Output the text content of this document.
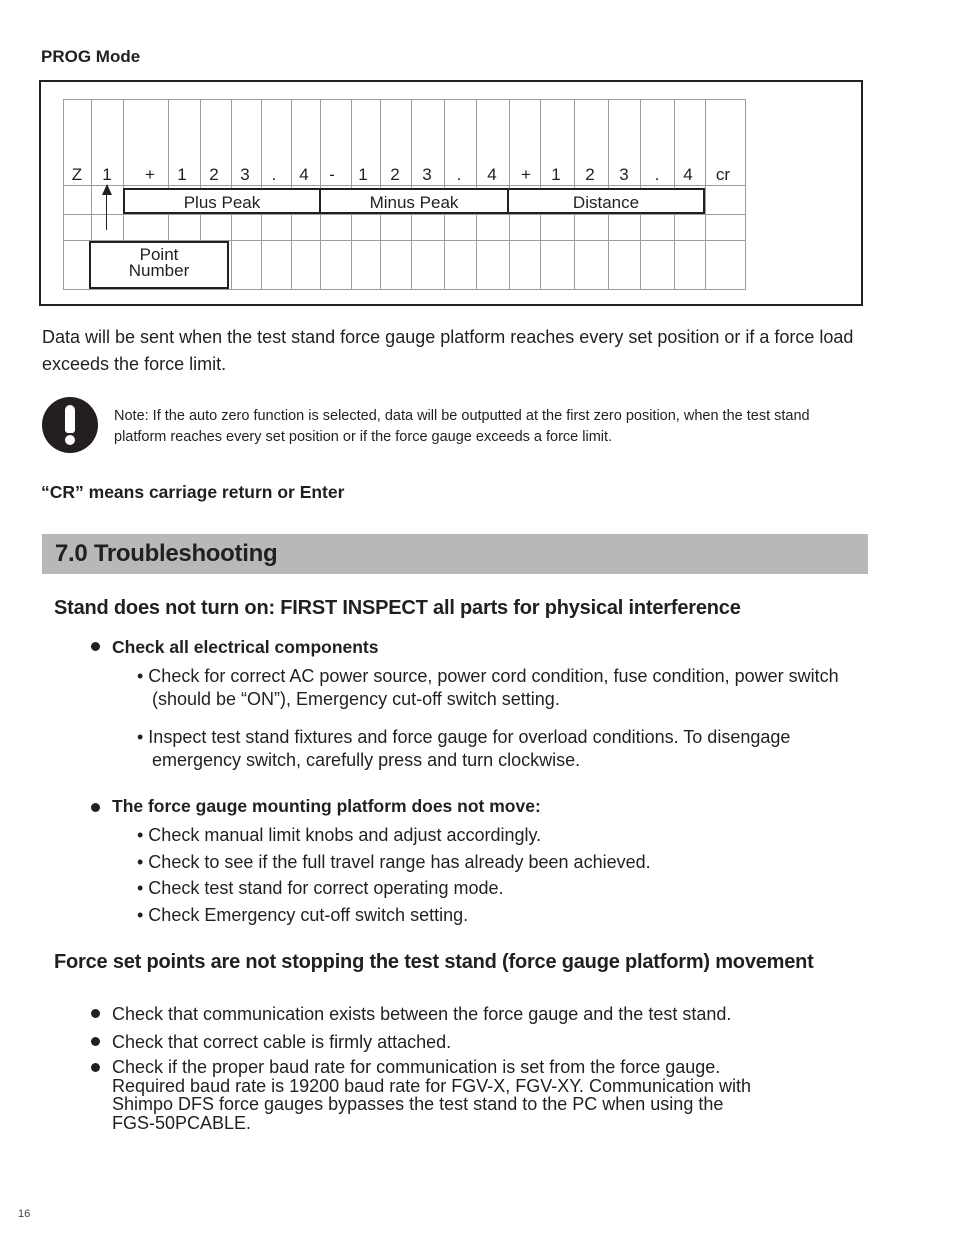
PROG Mode
Z	1	+	1	2	3	.	4	-	1	2	3	.	4	+	1	2	3	.	4	cr
Plus Peak	Minus Peak	Distance
Point
Number
Data will be sent when the test stand force gauge platform reaches every set position or if a force load exceeds the force limit.
Note: If the auto zero function is selected, data will be outputted at the first zero position, when the test stand platform reaches every set position or if the force gauge exceeds a force limit.
“CR” means carriage return or Enter
7.0 Troubleshooting
Stand does not turn on: FIRST INSPECT all parts for physical interference
Check all electrical components
• Check for correct AC power source, power cord condition, fuse condition, power switch
(should be “ON”), Emergency cut-off switch setting.
• Inspect test stand fixtures and force gauge for overload conditions. To disengage
emergency switch, carefully press and turn clockwise.
The force gauge mounting platform does not move:
• Check manual limit knobs and adjust accordingly.
• Check to see if the full travel range has already been achieved.
• Check test stand for correct operating mode.
• Check Emergency cut-off switch setting.
Force set points are not stopping the test stand (force gauge platform) movement
Check that communication exists between the force gauge and the test stand.
Check that correct cable is firmly attached.
Check if the proper baud rate for communication is set from the force gauge.
Required baud rate is 19200 baud rate for FGV-X, FGV-XY. Communication with
Shimpo DFS force gauges bypasses the test stand to the PC when using the
FGS-50PCABLE.
16
